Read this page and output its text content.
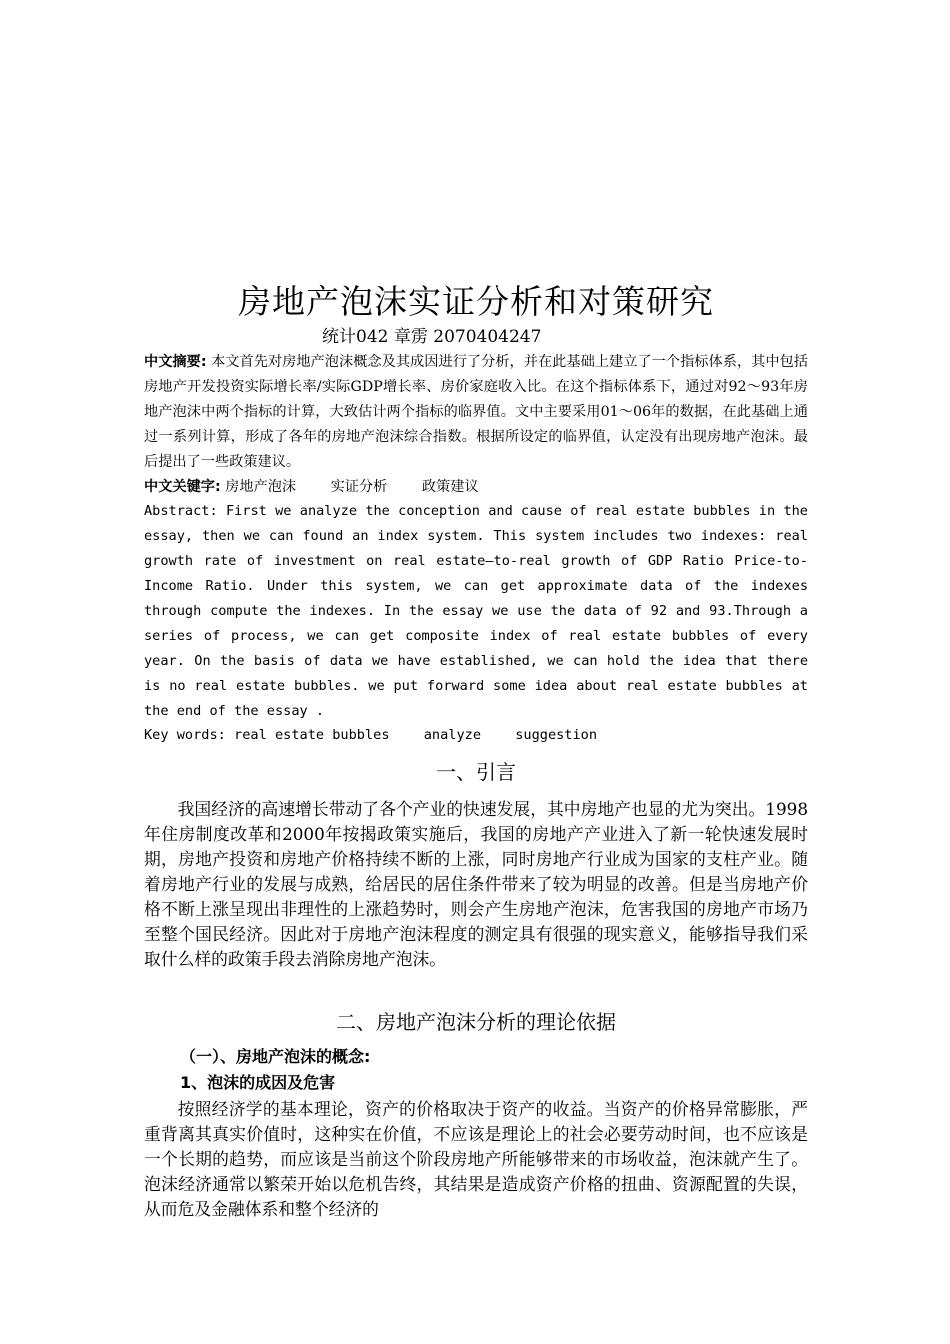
房地产泡沫实证分析和对策研究
统计042 章雳 2070404247
中文摘要: 本文首先对房地产泡沫概念及其成因进行了分析，并在此基础上建立了一个指标体系，其中包括房地产开发投资实际增长率/实际GDP增长率、房价家庭收入比。在这个指标体系下，通过对92～93年房地产泡沫中两个指标的计算，大致估计两个指标的临界值。文中主要采用01～06年的数据，在此基础上通过一系列计算，形成了各年的房地产泡沫综合指数。根据所设定的临界值，认定没有出现房地产泡沫。最后提出了一些政策建议。
中文关键字: 房地产泡沫 实证分析 政策建议
Abstract: First we analyze the conception and cause of real estate bubbles in the essay, then we can found an index system. This system includes two indexes: real growth rate of investment on real estate—to-real growth of GDP Ratio Price-to-Income Ratio. Under this system, we can get approximate data of the indexes through compute the indexes. In the essay we use the data of 92 and 93.Through a series of process, we can get composite index of real estate bubbles of every year. On the basis of data we have established, we can hold the idea that there is no real estate bubbles. we put forward some idea about real estate bubbles at the end of the essay .
Key words: real estate bubbles	analyze	suggestion
一、引言
我国经济的高速增长带动了各个产业的快速发展，其中房地产也显的尤为突出。1998年住房制度改革和2000年按揭政策实施后，我国的房地产产业进入了新一轮快速发展时期，房地产投资和房地产价格持续不断的上涨，同时房地产行业成为国家的支柱产业。随着房地产行业的发展与成熟，给居民的居住条件带来了较为明显的改善。但是当房地产价格不断上涨呈现出非理性的上涨趋势时，则会产生房地产泡沫，危害我国的房地产市场乃至整个国民经济。因此对于房地产泡沫程度的测定具有很强的现实意义，能够指导我们采取什么样的政策手段去消除房地产泡沫。
二、房地产泡沫分析的理论依据
（一）、房地产泡沫的概念:
1、泡沫的成因及危害
按照经济学的基本理论，资产的价格取决于资产的收益。当资产的价格异常膨胀，严重背离其真实价值时，这种实在价值，不应该是理论上的社会必要劳动时间，也不应该是一个长期的趋势，而应该是当前这个阶段房地产所能够带来的市场收益，泡沫就产生了。泡沫经济通常以繁荣开始以危机告终，其结果是造成资产价格的扭曲、资源配置的失误，从而危及金融体系和整个经济的
